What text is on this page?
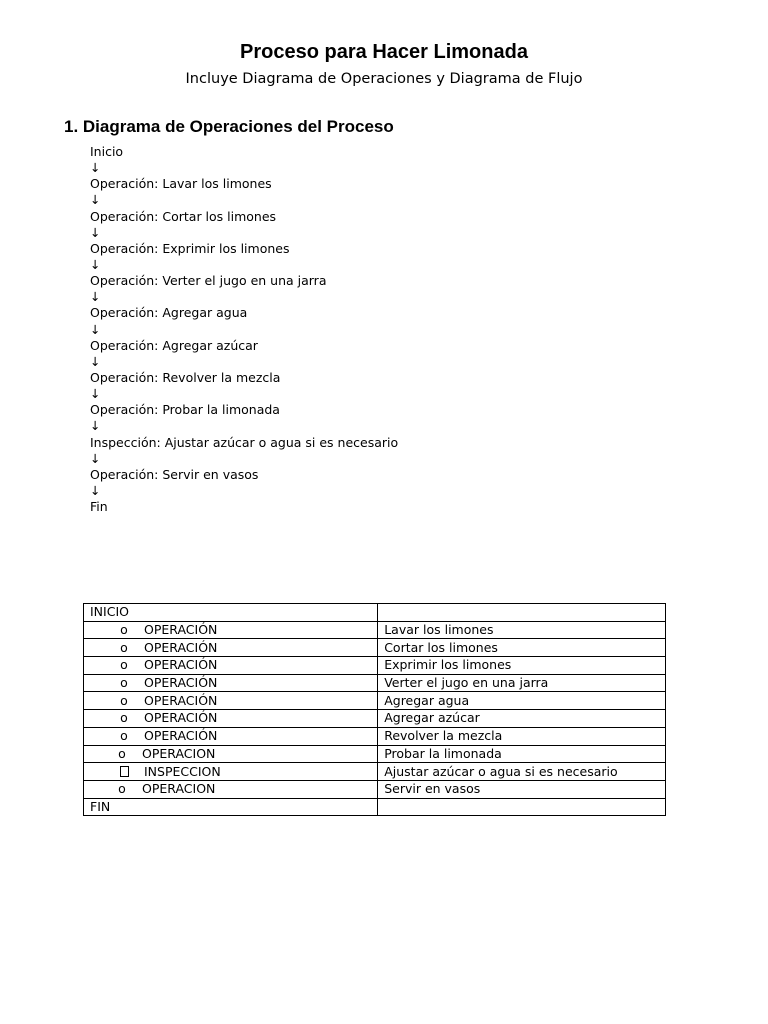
Proceso para Hacer Limonada

Incluye Diagrama de Operaciones y Diagrama de Flujo

1. Diagrama de Operaciones del Proceso
Inicio
↓
Operación: Lavar los limones
↓
Operación: Cortar los limones
↓
Operación: Exprimir los limones
↓
Operación: Verter el jugo en una jarra
↓
Operación: Agregar agua
↓
Operación: Agregar azúcar
↓
Operación: Revolver la mezcla
↓
Operación: Probar la limonada
↓
Inspección: Ajustar azúcar o agua si es necesario
↓
Operación: Servir en vasos
↓
Fin
INICIO	
o OPERACIÓN	Lavar los limones
o OPERACIÓN	Cortar los limones
o OPERACIÓN	Exprimir los limones
o OPERACIÓN	Verter el jugo en una jarra
o OPERACIÓN	Agregar agua
o OPERACIÓN	Agregar azúcar
o OPERACIÓN	Revolver la mezcla
o OPERACION	Probar la limonada
INSPECCION	Ajustar azúcar o agua si es necesario
o OPERACION	Servir en vasos
FIN	
